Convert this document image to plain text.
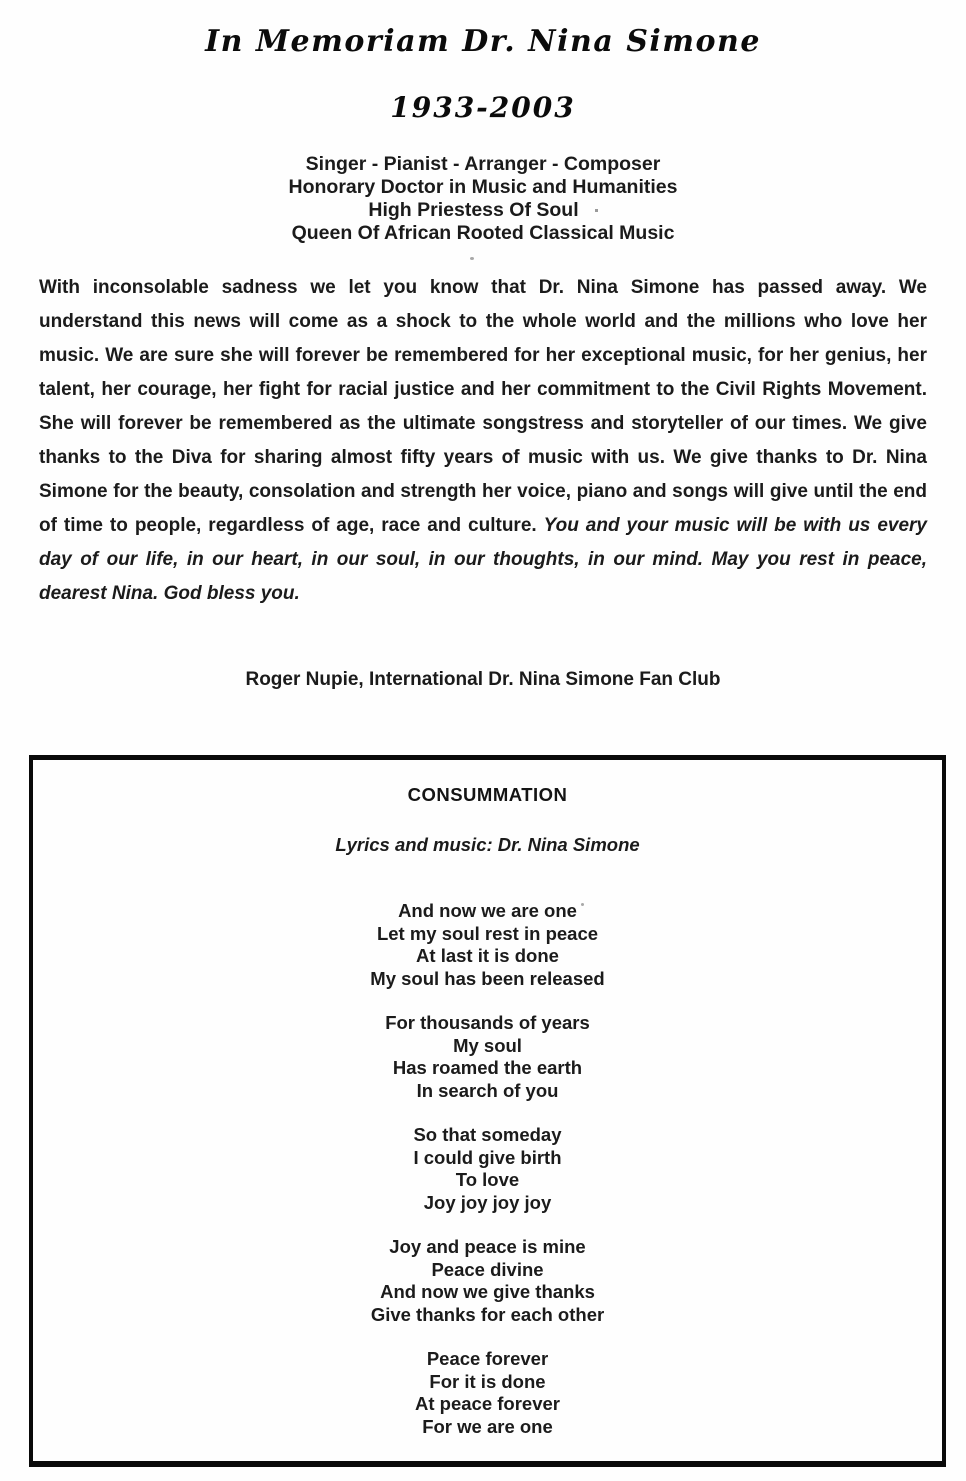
In Memoriam Dr. Nina Simone
1933-2003
Singer - Pianist - Arranger - Composer
Honorary Doctor in Music and Humanities
High Priestess Of Soul
Queen Of African Rooted Classical Music

With inconsolable sadness we let you know that Dr. Nina Simone has passed away. We understand this news will come as a shock to the whole world and the millions who love her music. We are sure she will forever be remembered for her exceptional music, for her genius, her talent, her courage, her fight for racial justice and her commitment to the Civil Rights Movement. She will forever be remembered as the ultimate songstress and storyteller of our times. We give thanks to the Diva for sharing almost fifty years of music with us. We give thanks to Dr. Nina Simone for the beauty, consolation and strength her voice, piano and songs will give until the end of time to people, regardless of age, race and culture. You and your music will be with us every day of our life, in our heart, in our soul, in our thoughts, in our mind. May you rest in peace, dearest Nina. God bless you.

Roger Nupie, International Dr. Nina Simone Fan Club
CONSUMMATION
Lyrics and music: Dr. Nina Simone
And now we are one
Let my soul rest in peace
At last it is done
My soul has been released
For thousands of years
My soul
Has roamed the earth
In search of you
So that someday
I could give birth
To love
Joy joy joy joy
Joy and peace is mine
Peace divine
And now we give thanks
Give thanks for each other
Peace forever
For it is done
At peace forever
For we are one
